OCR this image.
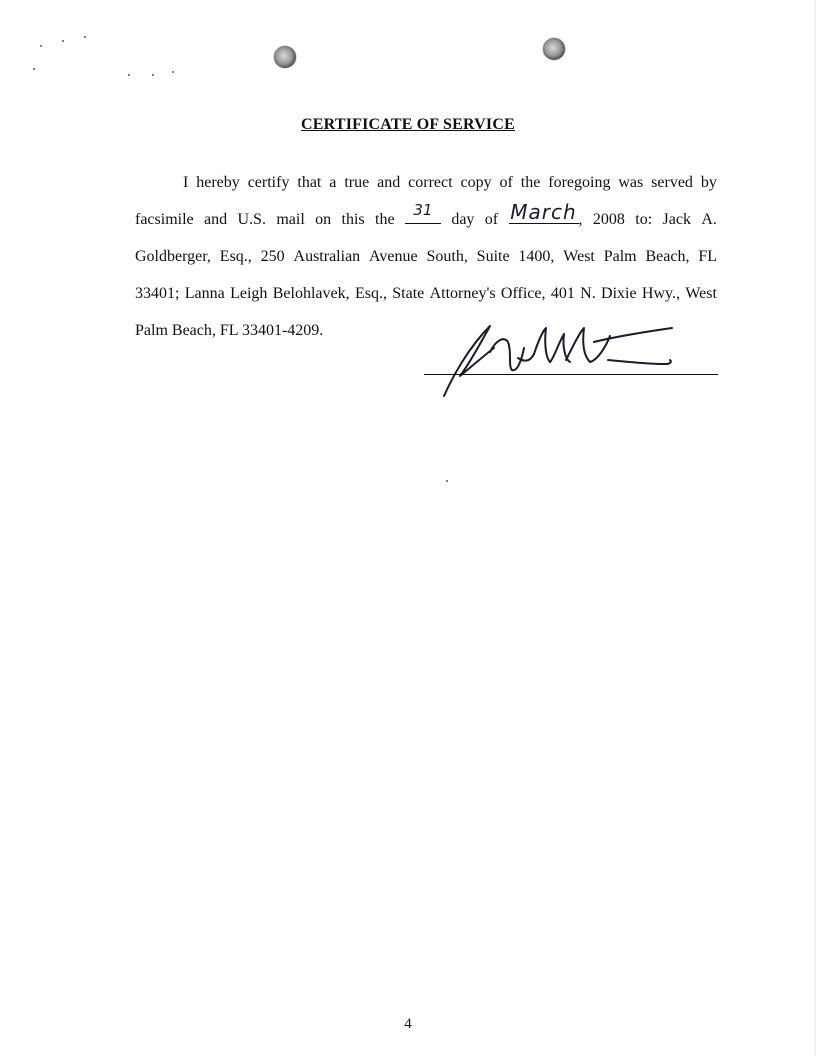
CERTIFICATE OF SERVICE
I hereby certify that a true and correct copy of the foregoing was served by
facsimile and U.S. mail on this the
31
day of March , 2008 to: Jack A.
Goldberger, Esq., 250 Australian Avenue South, Suite 1400, West Palm Beach, FL
33401; Lanna Leigh Belohlavek, Esq., State Attorney's Office, 401 N. Dixie Hwy., West
Palm Beach, FL 33401-4209.
4
